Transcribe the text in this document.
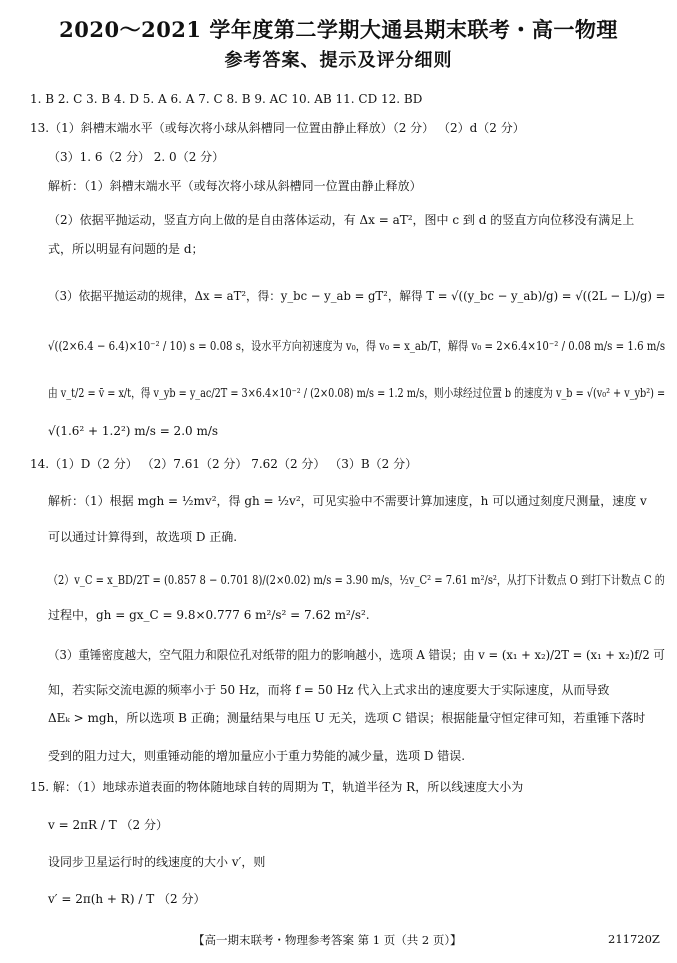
2020～2021 学年度第二学期大通县期末联考・高一物理
参考答案、提示及评分细则
1. B 2. C 3. B 4. D 5. A 6. A 7. C 8. B 9. AC 10. AB 11. CD 12. BD
13.（1）斜槽末端水平（或每次将小球从斜槽同一位置由静止释放）（2 分） （2）d（2 分）
（3）1. 6（2 分） 2. 0（2 分）
解析：（1）斜槽末端水平（或每次将小球从斜槽同一位置由静止释放）
（2）依据平抛运动，竖直方向上做的是自由落体运动，有 Δx = aT²，图中 c 到 d 的竖直方向位移没有满足上
式，所以明显有问题的是 d；
（3）依据平抛运动的规律，Δx = aT²，得：y_bc − y_ab = gT²，解得 T = √((y_bc − y_ab)/g) = √((2L − L)/g) =
√((2×6.4 − 6.4)×10⁻² / 10) s = 0.08 s，设水平方向初速度为 v₀，得 v₀ = x_ab/T，解得 v₀ = 2×6.4×10⁻² / 0.08 m/s = 1.6 m/s
由 v_t/2 = v̄ = x/t，得 v_yb = y_ac/2T = 3×6.4×10⁻² / (2×0.08) m/s = 1.2 m/s，则小球经过位置 b 的速度为 v_b = √(v₀² + v_yb²) =
√(1.6² + 1.2²) m/s = 2.0 m/s
14.（1）D（2 分） （2）7.61（2 分） 7.62（2 分） （3）B（2 分）
解析：（1）根据 mgh = ½mv²，得 gh = ½v²，可见实验中不需要计算加速度，h 可以通过刻度尺测量，速度 v
可以通过计算得到，故选项 D 正确.
（2）v_C = x_BD/2T = (0.857 8 − 0.701 8)/(2×0.02) m/s = 3.90 m/s，½v_C² = 7.61 m²/s²，从打下计数点 O 到打下计数点 C 的
过程中，gh = gx_C = 9.8×0.777 6 m²/s² = 7.62 m²/s².
（3）重锤密度越大，空气阻力和限位孔对纸带的阻力的影响越小，选项 A 错误；由 v = (x₁ + x₂)/2T = (x₁ + x₂)f/2 可
知，若实际交流电源的频率小于 50 Hz，而将 f = 50 Hz 代入上式求出的速度要大于实际速度，从而导致
ΔEₖ > mgh，所以选项 B 正确；测量结果与电压 U 无关，选项 C 错误；根据能量守恒定律可知，若重锤下落时
受到的阻力过大，则重锤动能的增加量应小于重力势能的减少量，选项 D 错误.
15. 解：（1）地球赤道表面的物体随地球自转的周期为 T，轨道半径为 R，所以线速度大小为
v = 2πR / T （2 分）
设同步卫星运行时的线速度的大小 v′，则
v′ = 2π(h + R) / T （2 分）
【高一期末联考・物理参考答案 第 1 页（共 2 页）】	211720Z
